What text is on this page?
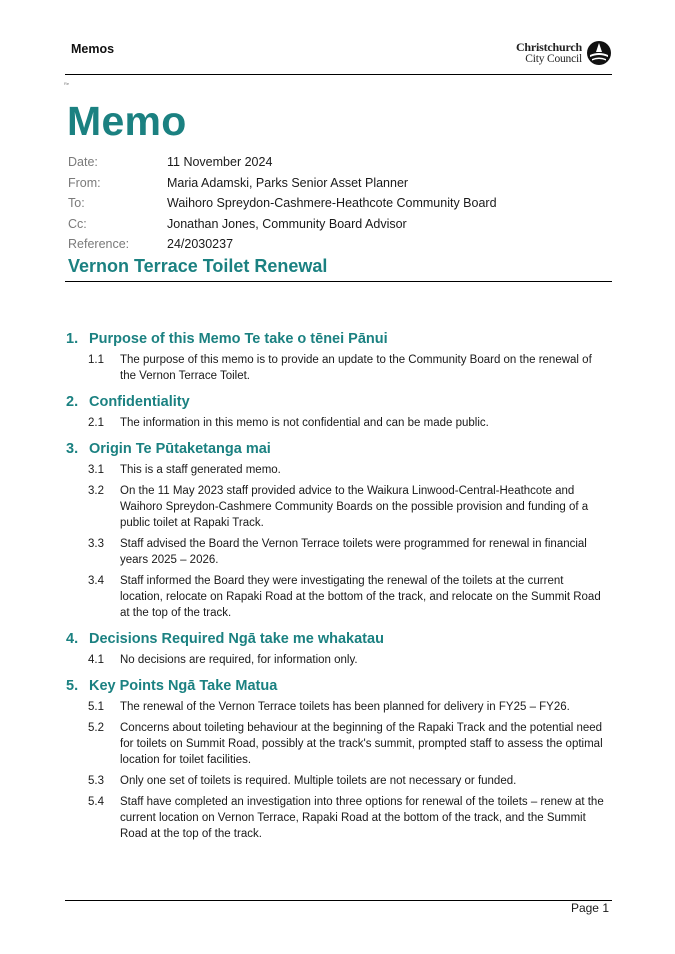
Memos	Christchurch
City Council
Re
Memo
Date:	11 November 2024
From:	Maria Adamski, Parks Senior Asset Planner
To:	Waihoro Spreydon-Cashmere-Heathcote Community Board
Cc:	Jonathan Jones, Community Board Advisor
Reference:	24/2030237
Vernon Terrace Toilet Renewal
1. Purpose of this Memo Te take o tēnei Pānui
1.1	The purpose of this memo is to provide an update to the Community Board on the renewal of the Vernon Terrace Toilet.
2. Confidentiality
2.1	The information in this memo is not confidential and can be made public.
3. Origin Te Pūtaketanga mai
3.1	This is a staff generated memo.
3.2	On the 11 May 2023 staff provided advice to the Waikura Linwood-Central-Heathcote and Waihoro Spreydon-Cashmere Community Boards on the possible provision and funding of a public toilet at Rapaki Track.
3.3	Staff advised the Board the Vernon Terrace toilets were programmed for renewal in financial years 2025 – 2026.
3.4	Staff informed the Board they were investigating the renewal of the toilets at the current location, relocate on Rapaki Road at the bottom of the track, and relocate on the Summit Road at the top of the track.
4. Decisions Required Ngā take me whakatau
4.1	No decisions are required, for information only.
5. Key Points Ngā Take Matua
5.1	The renewal of the Vernon Terrace toilets has been planned for delivery in FY25 – FY26.
5.2	Concerns about toileting behaviour at the beginning of the Rapaki Track and the potential need for toilets on Summit Road, possibly at the track's summit, prompted staff to assess the optimal location for toilet facilities.
5.3	Only one set of toilets is required. Multiple toilets are not necessary or funded.
5.4	Staff have completed an investigation into three options for renewal of the toilets – renew at the current location on Vernon Terrace, Rapaki Road at the bottom of the track, and the Summit Road at the top of the track.
Page 1
